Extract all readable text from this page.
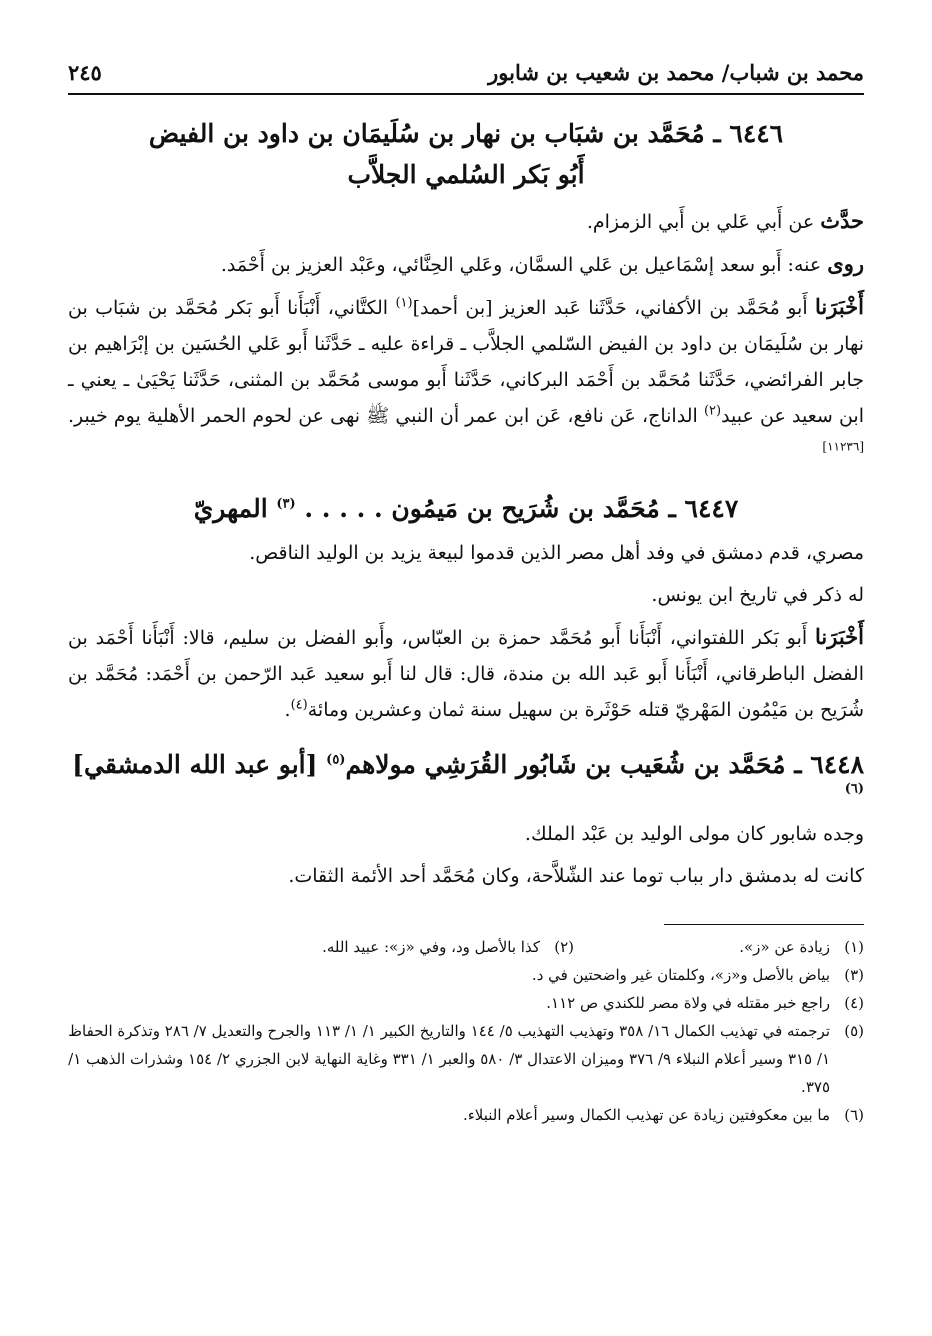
محمد بن شباب/ محمد بن شعيب بن شابور
٢٤٥
٦٤٤٦ ـ مُحَمَّد بن شبَاب بن نهار بن سُلَيمَان بن داود بن الفيض
أَبُو بَكر السُلمي الجلاَّب

حدَّث عن أَبي عَلي بن أَبي الزمزام.

روى عنه: أَبو سعد إسْمَاعيل بن عَلي السمَّان، وعَلي الحِنَّائي، وعَبْد العزيز بن أَحْمَد.

أَخْبَرَنا أَبو مُحَمَّد بن الأكفاني، حَدَّثَنا عَبد العزيز [بن أحمد]$^{(١)}$ الكتَّاني، أَنْبَأَنا أَبو بَكر مُحَمَّد بن شبَاب بن نهار بن سُلَيمَان بن داود بن الفيض السّلمي الجلاَّب ـ قراءة عليه ـ حَدَّثَنا أَبو عَلي الحُسَين بن إبْرَاهيم بن جابر الفرائضي، حَدَّثَنا مُحَمَّد بن أَحْمَد البركاني، حَدَّثَنا أَبو موسى مُحَمَّد بن المثنى، حَدَّثَنا يَحْيَىٰ ـ يعني ـ ابن سعيد عن عبيد$^{(٢)}$ الداناج، عَن نافع، عَن ابن عمر أن النبي ﷺ نهى عن لحوم الحمر الأهلية يوم خيبر.[١١٢٣٦]

٦٤٤٧ ـ مُحَمَّد بن شُرَيح بن مَيمُون . . . . . $^{(٣)}$ المهريّ

مصري، قدم دمشق في وفد أهل مصر الذين قدموا لبيعة يزيد بن الوليد الناقص.

له ذكر في تاريخ ابن يونس.

أَخْبَرَنا أَبو بَكر اللفتواني، أَنْبَأَنا أَبو مُحَمَّد حمزة بن العبّاس، وأَبو الفضل بن سليم، قالا: أَنْبَأَنا أَحْمَد بن الفضل الباطرقاني، أَنْبَأَنا أَبو عَبد الله بن مندة، قال: قال لنا أَبو سعيد عَبد الرّحمن بن أَحْمَد: مُحَمَّد بن شُرَيح بن مَيْمُون المَهْريّ قتله حَوْثَرة بن سهيل سنة ثمان وعشرين ومائة$^{(٤)}$.

٦٤٤٨ ـ مُحَمَّد بن شُعَيب بن شَابُور القُرَشِي مولاهم$^{(٥)}$ [أبو عبد الله الدمشقي]$^{(٦)}$

وجده شابور كان مولى الوليد بن عَبْد الملك.

كانت له بدمشق دار بباب توما عند الشّلاَّحة، وكان مُحَمَّد أحد الأئمة الثقات.

(١)
زيادة عن «ز».
(٢)
كذا بالأصل ود، وفي «ز»: عبيد الله.
(٣)
بياض بالأصل و«ز»، وكلمتان غير واضحتين في د.
(٤)
راجع خبر مقتله في ولاة مصر للكندي ص ١١٢.
(٥)
ترجمته في تهذيب الكمال ١٦/ ٣٥٨ وتهذيب التهذيب ٥/ ١٤٤ والتاريخ الكبير ١/ ١/ ١١٣ والجرح والتعديل ٧/ ٢٨٦ وتذكرة الحفاظ ١/ ٣١٥ وسير أعلام النبلاء ٩/ ٣٧٦ وميزان الاعتدال ٣/ ٥٨٠ والعبر ١/ ٣٣١ وغاية النهاية لابن الجزري ٢/ ١٥٤ وشذرات الذهب ١/ ٣٧٥.
(٦)
ما بين معكوفتين زيادة عن تهذيب الكمال وسير أعلام النبلاء.
